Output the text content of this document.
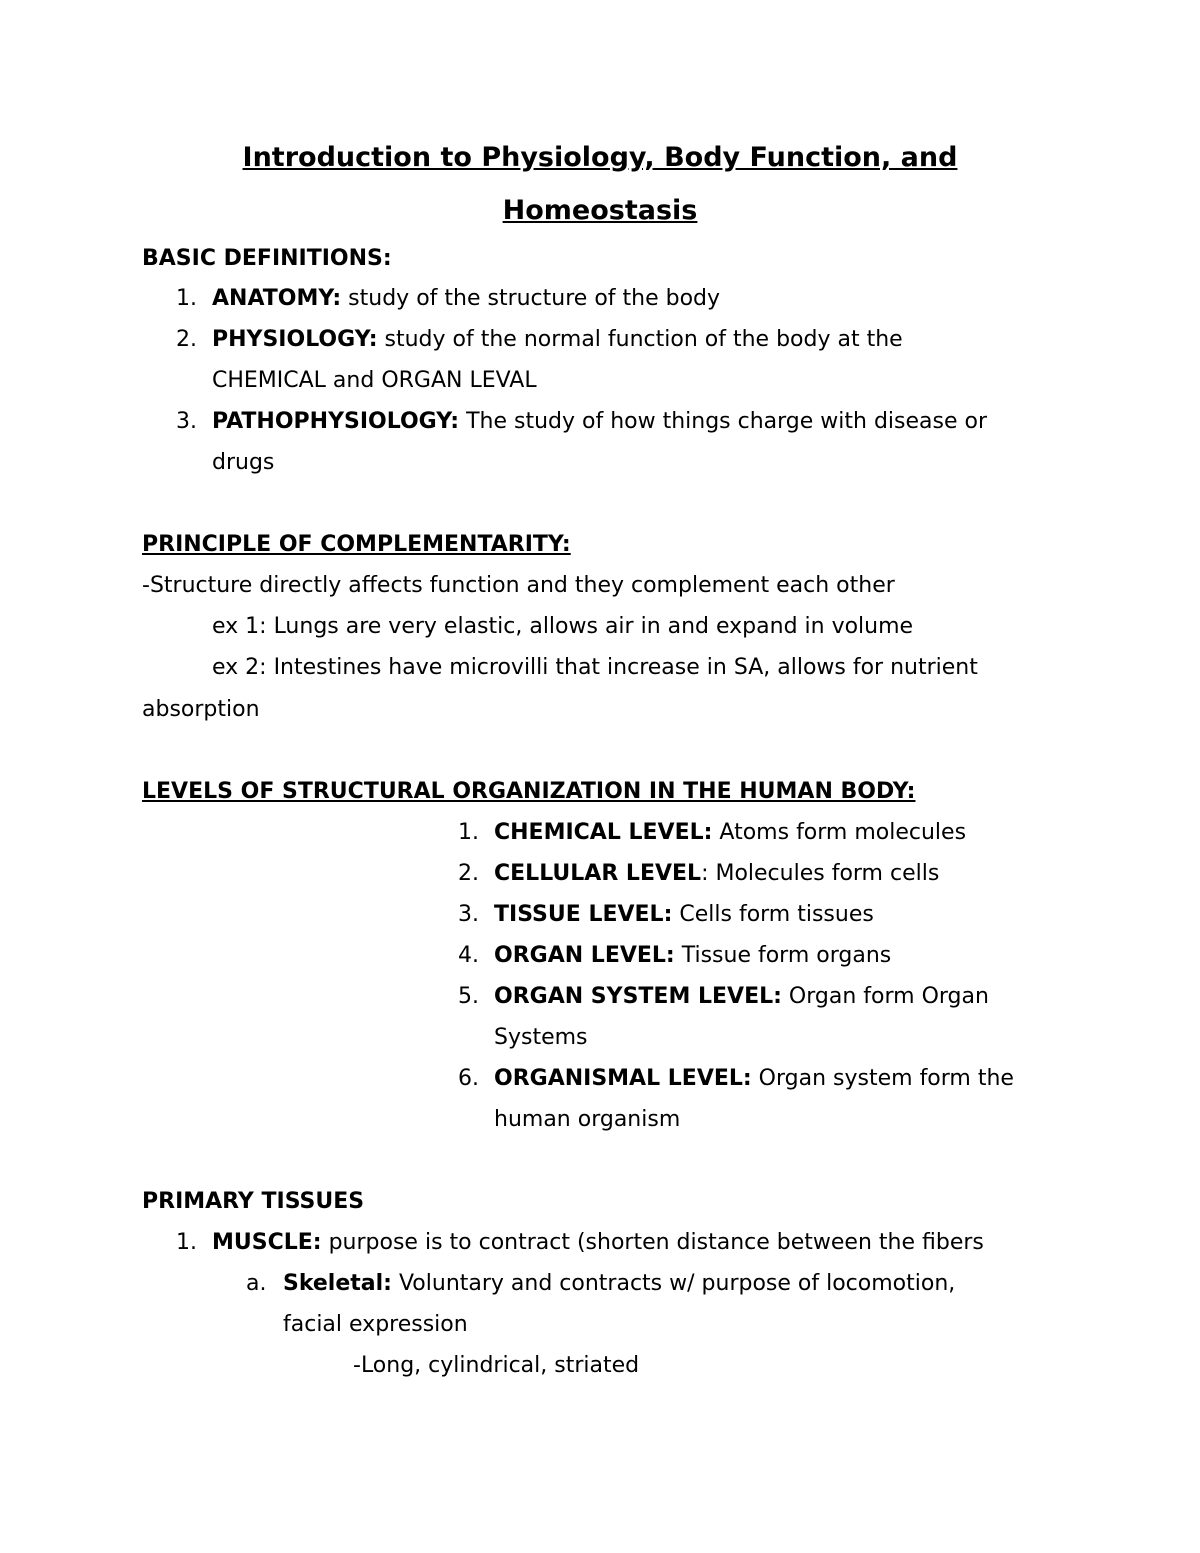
Introduction to Physiology, Body Function, and
Homeostasis
BASIC DEFINITIONS:
1. ANATOMY: study of the structure of the body
2. PHYSIOLOGY: study of the normal function of the body at the
CHEMICAL and ORGAN LEVAL
3. PATHOPHYSIOLOGY: The study of how things charge with disease or
drugs
PRINCIPLE OF COMPLEMENTARITY:
-Structure directly affects function and they complement each other
ex 1: Lungs are very elastic, allows air in and expand in volume
ex 2: Intestines have microvilli that increase in SA, allows for nutrient
absorption
LEVELS OF STRUCTURAL ORGANIZATION IN THE HUMAN BODY:
1. CHEMICAL LEVEL: Atoms form molecules
2. CELLULAR LEVEL: Molecules form cells
3. TISSUE LEVEL: Cells form tissues
4. ORGAN LEVEL: Tissue form organs
5. ORGAN SYSTEM LEVEL: Organ form Organ
Systems
6. ORGANISMAL LEVEL: Organ system form the
human organism
PRIMARY TISSUES
1. MUSCLE: purpose is to contract (shorten distance between the fibers
a. Skeletal: Voluntary and contracts w/ purpose of locomotion,
facial expression
-Long, cylindrical, striated
